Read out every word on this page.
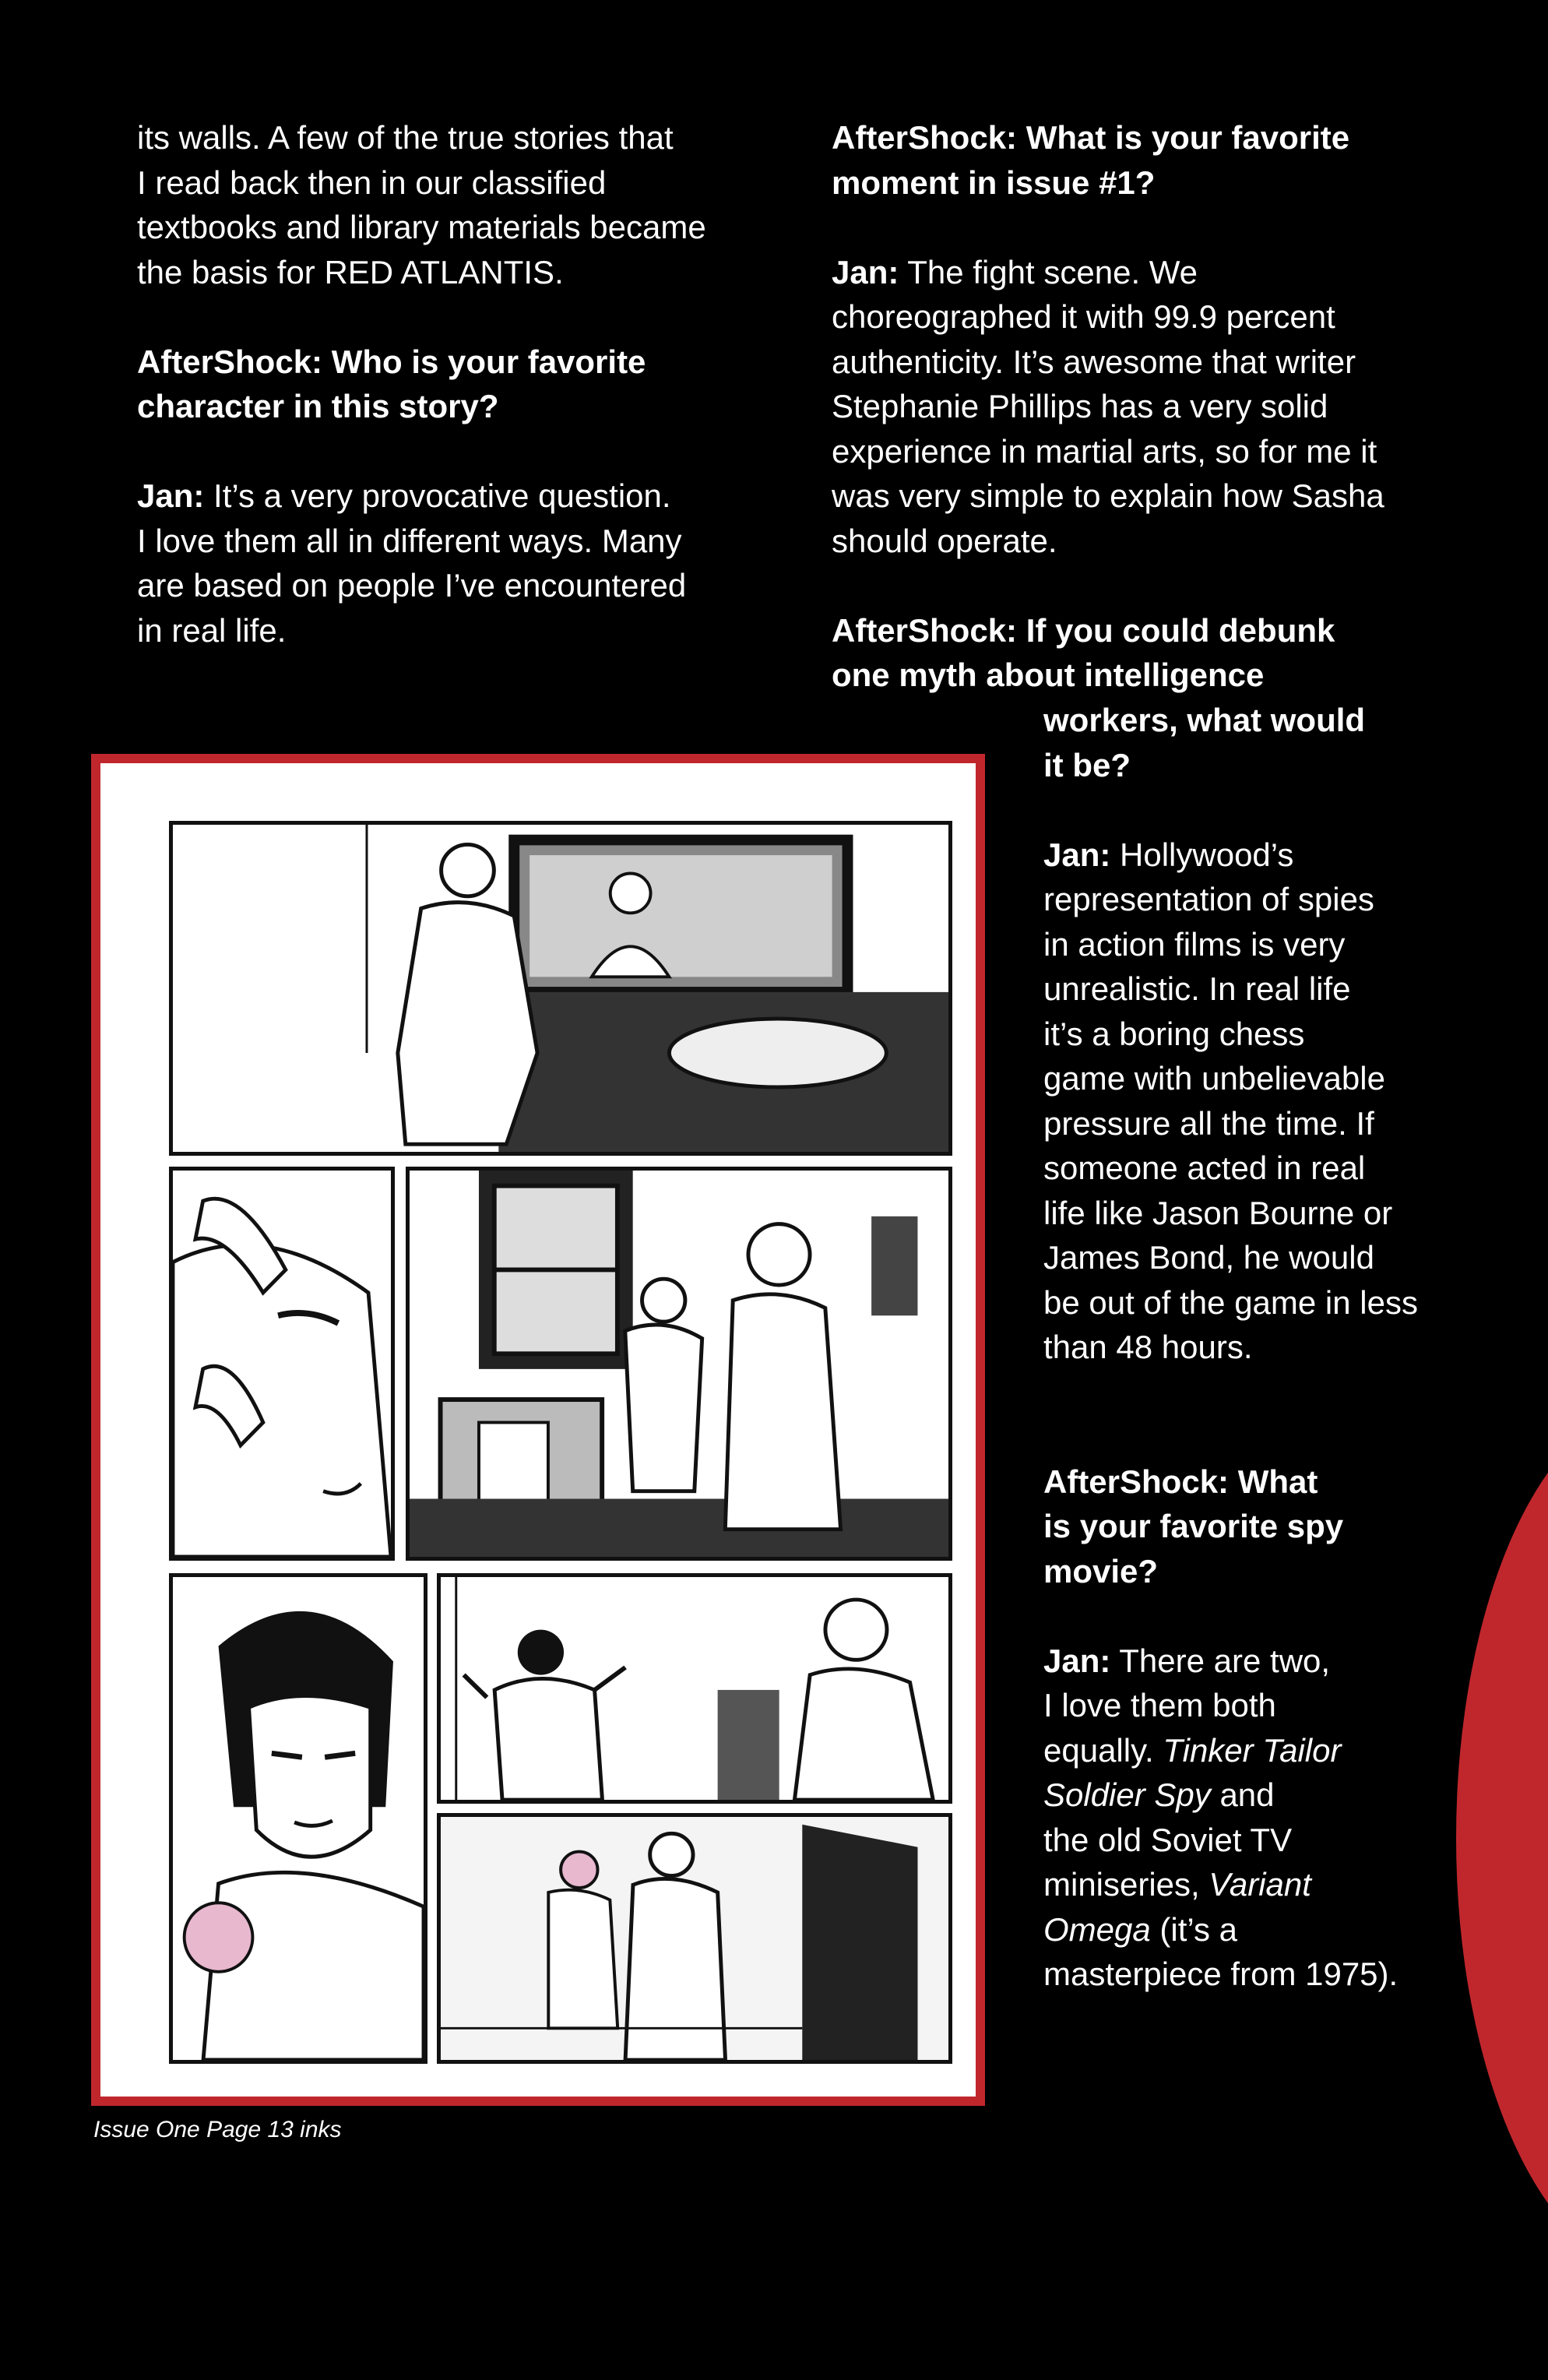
its walls. A few of the true stories that

I read back then in our classified

textbooks and library materials became

the basis for RED ATLANTIS.

AfterShock: Who is your favorite

character in this story?

Jan: It’s a very provocative question.

I love them all in different ways. Many

are based on people I’ve encountered

in real life.

AfterShock: What is your favorite

moment in issue #1?

Jan: The fight scene. We

choreographed it with 99.9 percent

authenticity. It’s awesome that writer

Stephanie Phillips has a very solid

experience in martial arts, so for me it

was very simple to explain how Sasha

should operate.

AfterShock: If you could debunk

one myth about intelligence

workers, what would

it be?

Jan: Hollywood’s

representation of spies

in action films is very

unrealistic. In real life

it’s a boring chess

game with unbelievable

pressure all the time. If

someone acted in real

life like Jason Bourne or

James Bond, he would

be out of the game in less

than 48 hours.

AfterShock: What

is your favorite spy

movie?

Jan: There are two,

I love them both

equally. Tinker Tailor

Soldier Spy and

the old Soviet TV

miniseries, Variant

Omega (it’s a

masterpiece from 1975).

Issue One Page 13 inks
